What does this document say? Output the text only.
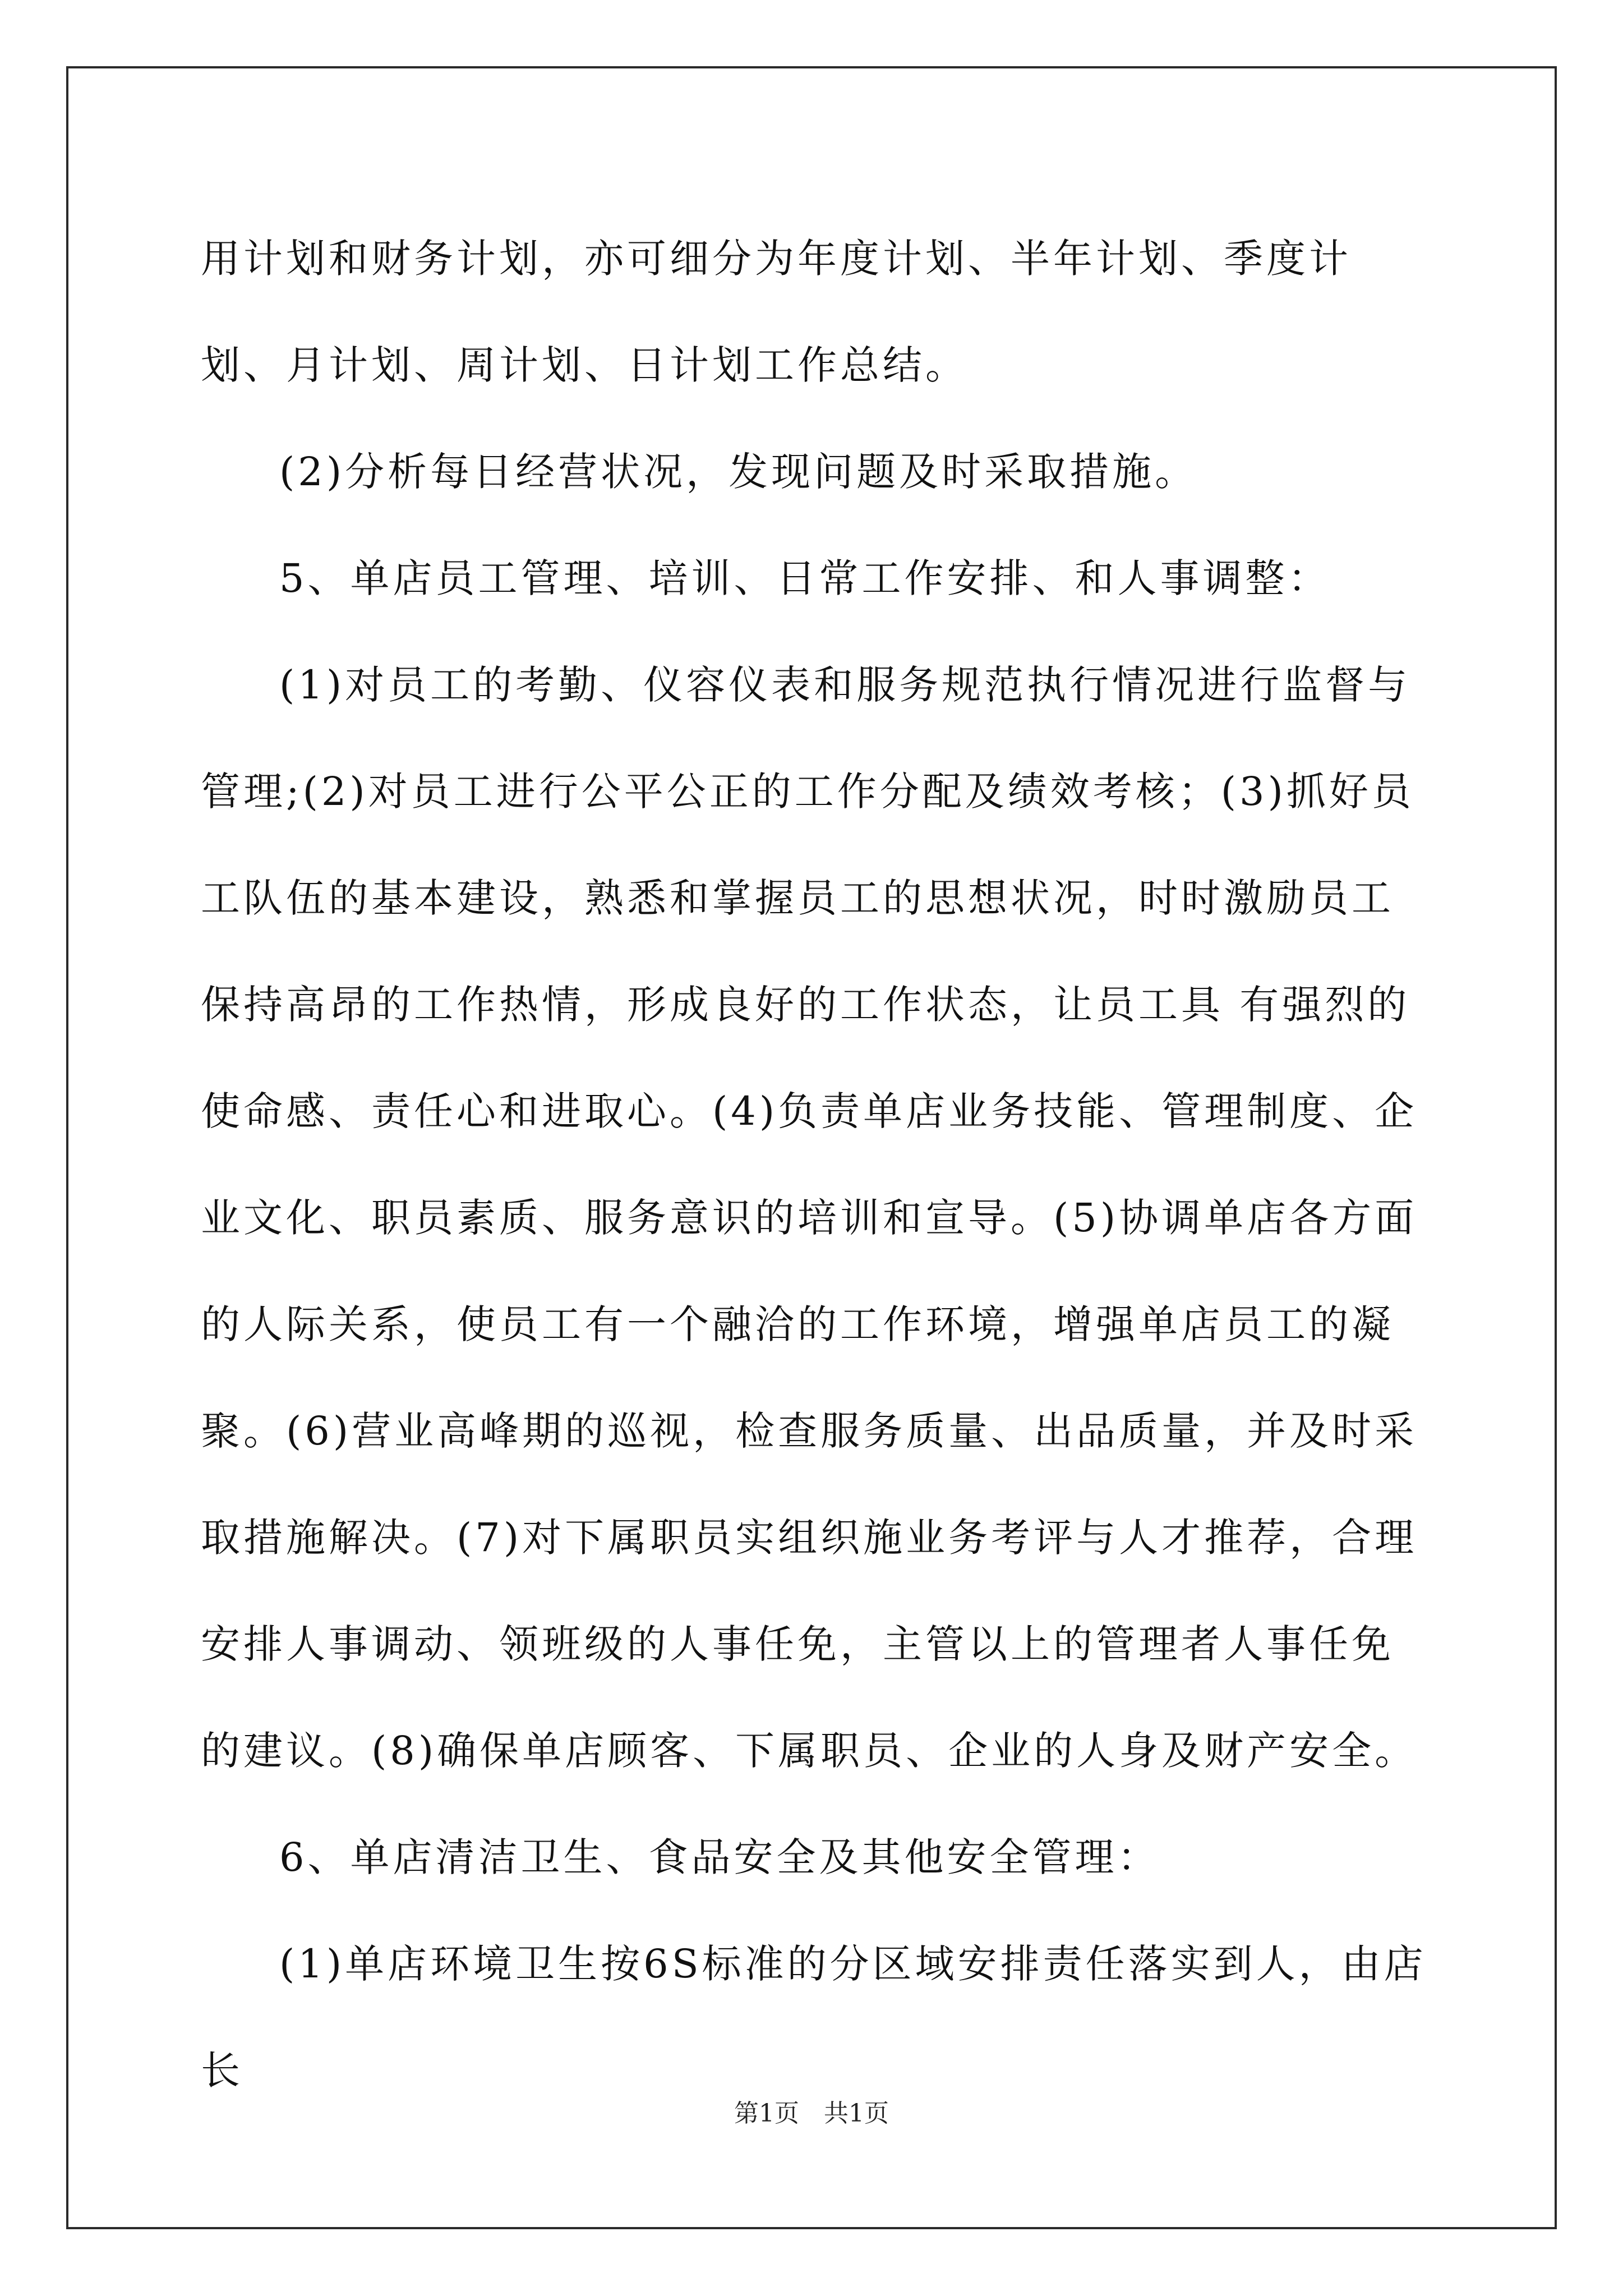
用计划和财务计划，亦可细分为年度计划、半年计划、季度计划、月计划、周计划、日计划工作总结。

(2)分析每日经营状况，发现问题及时采取措施。

5、单店员工管理、培训、日常工作安排、和人事调整：

(1)对员工的考勤、仪容仪表和服务规范执行情况进行监督与管理;(2)对员工进行公平公正的工作分配及绩效考核；(3)抓好员工队伍的基本建设，熟悉和掌握员工的思想状况，时时激励员工保持高昂的工作热情，形成良好的工作状态，让员工具 有强烈的使命感、责任心和进取心。(4)负责单店业务技能、管理制度、企业文化、职员素质、服务意识的培训和宣导。(5)协调单店各方面的人际关系，使员工有一个融洽的工作环境，增强单店员工的凝聚。(6)营业高峰期的巡视，检查服务质量、出品质量，并及时采取措施解决。(7)对下属职员实组织施业务考评与人才推荐，合理安排人事调动、领班级的人事任免，主管以上的管理者人事任免的建议。(8)确保单店顾客、下属职员、企业的人身及财产安全。

6、单店清洁卫生、食品安全及其他安全管理：

(1)单店环境卫生按6S标准的分区域安排责任落实到人，由店长

第1页　共1页
